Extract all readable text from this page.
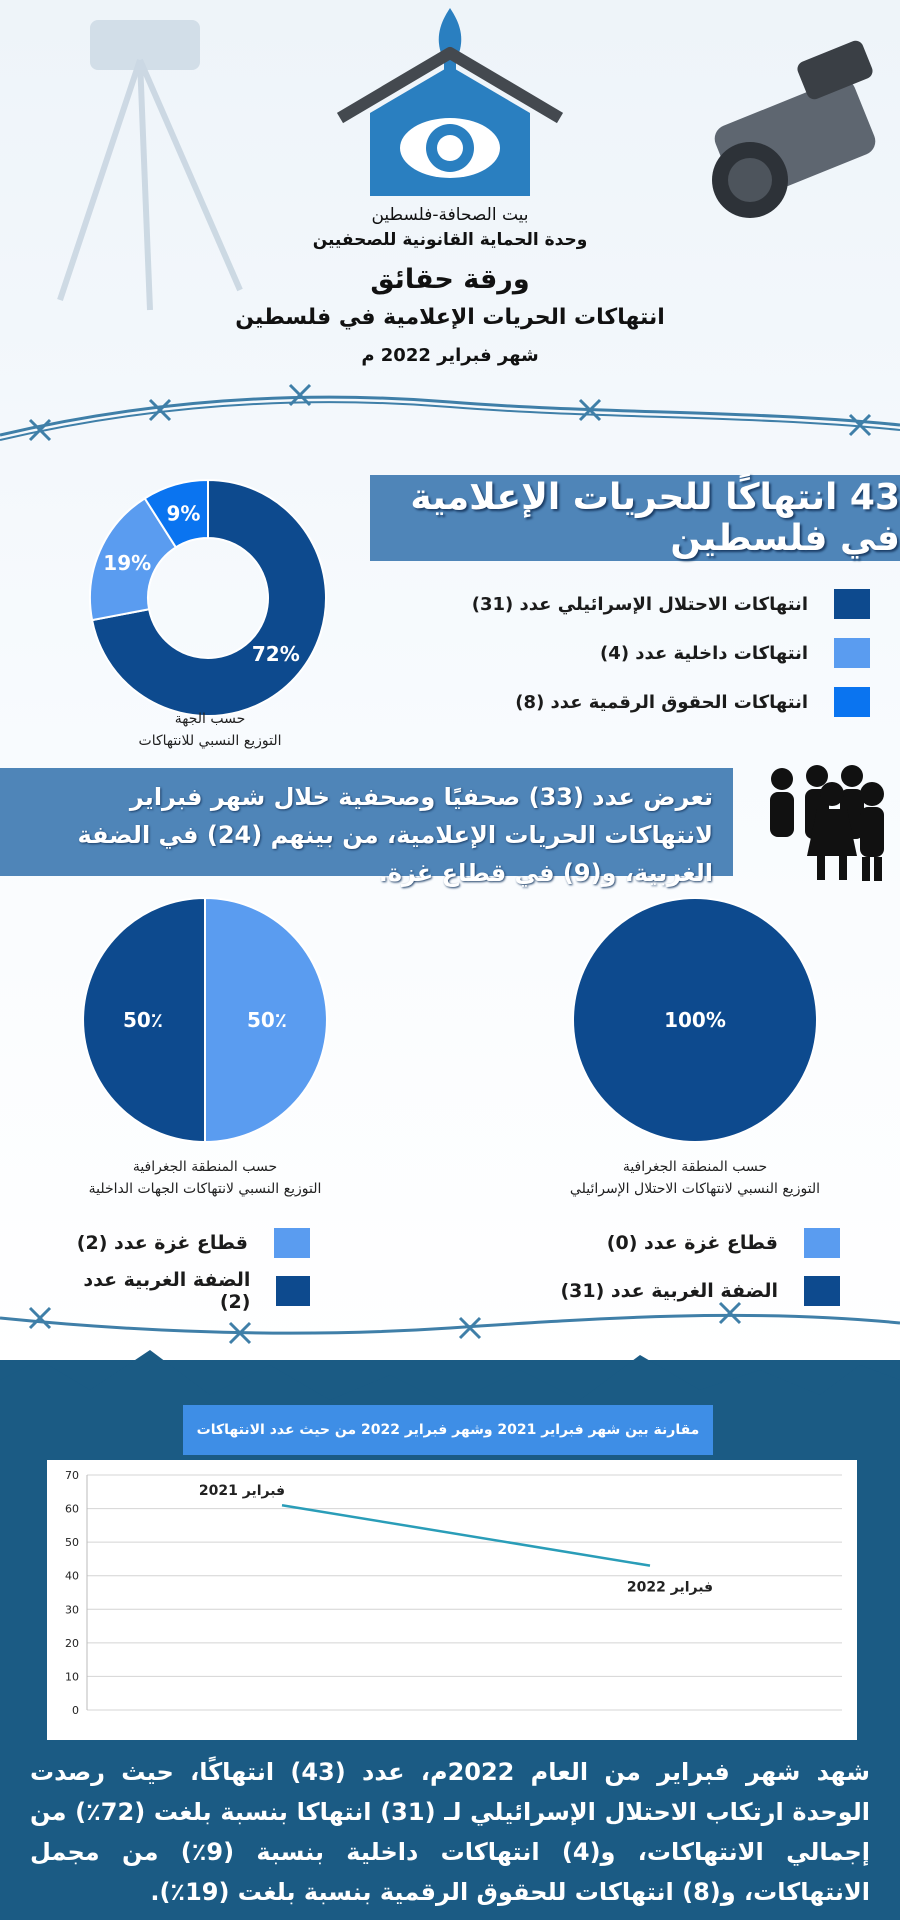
بيت الصحافة-فلسطين
وحدة الحماية القانونية للصحفيين
ورقة حقائق
انتهاكات الحريات الإعلامية في فلسطين
شهر فبراير 2022 م
43 انتهاكًا للحريات الإعلامية في فلسطين
انتهاكات الاحتلال الإسرائيلي عدد (31)
انتهاكات داخلية عدد (4)
انتهاكات الحقوق الرقمية عدد (8)
72%
19%
9%
حسب الجهة
التوزيع النسبي للانتهاكات
تعرض عدد (33) صحفيًا وصحفية خلال شهر فبراير لانتهاكات الحريات الإعلامية، من بينهم (24) في الضفة الغربية، و(9) في قطاع غزة.
50٪
50٪
حسب المنطقة الجغرافية
التوزيع النسبي لانتهاكات الجهات الداخلية
100%
حسب المنطقة الجغرافية
التوزيع النسبي لانتهاكات الاحتلال الإسرائيلي
قطاع غزة عدد (2)
الضفة الغربية عدد (2)
قطاع غزة عدد (0)
الضفة الغربية عدد (31)
مقارنة بين شهر فبراير 2021 وشهر فبراير 2022 من حيث عدد الانتهاكات
0
10
20
30
40
50
60
70
فبراير 2021
فبراير 2022
شهد شهر فبراير من العام 2022م، عدد (43) انتهاكًا، حيث رصدت الوحدة ارتكاب الاحتلال الإسرائيلي لـ (31) انتهاكا بنسبة بلغت (72٪) من إجمالي الانتهاكات، و(4) انتهاكات داخلية بنسبة (9٪) من مجمل الانتهاكات، و(8) انتهاكات للحقوق الرقمية بنسبة بلغت (19٪).
